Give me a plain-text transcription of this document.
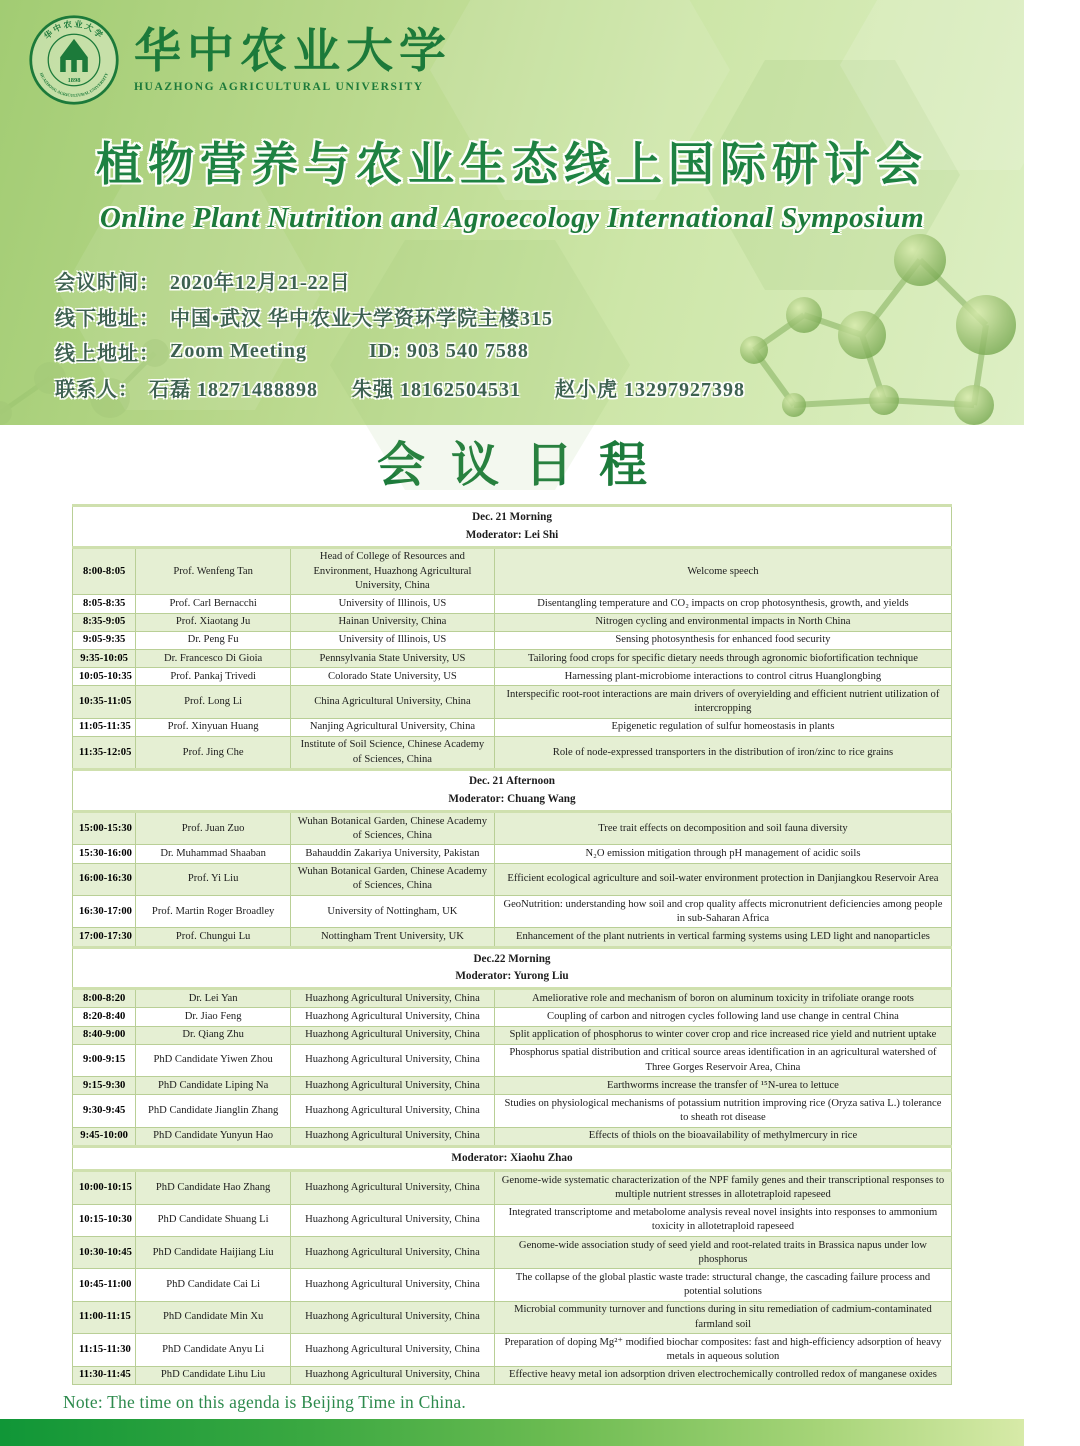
1898
华中农业大学
HUAZHONG AGRICULTURAL UNIVERSITY 华中农业大学
HUAZHONG AGRICULTURAL UNIVERSITY
植物营养与农业生态线上国际研讨会
Online Plant Nutrition and Agroecology International Symposium
会议时间： 2020年12月21-22日
线下地址： 中国•武汉 华中农业大学资环学院主楼315
线上地址： Zoom Meeting	ID: 903 540 7588
联系人： 石磊 18271488898 朱强 18162504531 赵小虎 13297927398
会议日程
Dec. 21 Morning
Moderator: Lei Shi			

8:00-8:05	Prof. Wenfeng Tan	Head of College of Resources and Environment, Huazhong Agricultural University, China	Welcome speech
8:05-8:35	Prof. Carl Bernacchi	University of Illinois, US	Disentangling temperature and CO₂ impacts on crop photosynthesis, growth, and yields
8:35-9:05	Prof. Xiaotang Ju	Hainan University, China	Nitrogen cycling and environmental impacts in North China
9:05-9:35	Dr. Peng Fu	University of Illinois, US	Sensing photosynthesis for enhanced food security
9:35-10:05	Dr. Francesco Di Gioia	Pennsylvania State University, US	Tailoring food crops for specific dietary needs through agronomic biofortification technique
10:05-10:35	Prof. Pankaj Trivedi	Colorado State University, US	Harnessing plant-microbiome interactions to control citrus Huanglongbing
10:35-11:05	Prof. Long Li	China Agricultural University, China	Interspecific root-root interactions are main drivers of overyielding and efficient nutrient utilization of intercropping
11:05-11:35	Prof. Xinyuan Huang	Nanjing Agricultural University, China	Epigenetic regulation of sulfur homeostasis in plants
11:35-12:05	Prof. Jing Che	Institute of Soil Science, Chinese Academy of Sciences, China	Role of node-expressed transporters in the distribution of iron/zinc to rice grains

Dec. 21 Afternoon
Moderator: Chuang Wang			

15:00-15:30	Prof. Juan Zuo	Wuhan Botanical Garden, Chinese Academy of Sciences, China	Tree trait effects on decomposition and soil fauna diversity
15:30-16:00	Dr. Muhammad Shaaban	Bahauddin Zakariya University, Pakistan	N₂O emission mitigation through pH management of acidic soils
16:00-16:30	Prof. Yi Liu	Wuhan Botanical Garden, Chinese Academy of Sciences, China	Efficient ecological agriculture and soil-water environment protection in Danjiangkou Reservoir Area
16:30-17:00	Prof. Martin Roger Broadley	University of Nottingham, UK	GeoNutrition: understanding how soil and crop quality affects micronutrient deficiencies among people in sub-Saharan Africa
17:00-17:30	Prof. Chungui Lu	Nottingham Trent University, UK	Enhancement of the plant nutrients in vertical farming systems using LED light and nanoparticles

Dec.22 Morning
Moderator: Yurong Liu			

8:00-8:20	Dr. Lei Yan	Huazhong Agricultural University, China	Ameliorative role and mechanism of boron on aluminum toxicity in trifoliate orange roots
8:20-8:40	Dr. Jiao Feng	Huazhong Agricultural University, China	Coupling of carbon and nitrogen cycles following land use change in central China
8:40-9:00	Dr. Qiang Zhu	Huazhong Agricultural University, China	Split application of phosphorus to winter cover crop and rice increased rice yield and nutrient uptake
9:00-9:15	PhD Candidate Yiwen Zhou	Huazhong Agricultural University, China	Phosphorus spatial distribution and critical source areas identification in an agricultural watershed of Three Gorges Reservoir Area, China
9:15-9:30	PhD Candidate Liping Na	Huazhong Agricultural University, China	Earthworms increase the transfer of ¹⁵N-urea to lettuce
9:30-9:45	PhD Candidate Jianglin Zhang	Huazhong Agricultural University, China	Studies on physiological mechanisms of potassium nutrition improving rice (Oryza sativa L.) tolerance to sheath rot disease
9:45-10:00	PhD Candidate Yunyun Hao	Huazhong Agricultural University, China	Effects of thiols on the bioavailability of methylmercury in rice

Moderator: Xiaohu Zhao			

10:00-10:15	PhD Candidate Hao Zhang	Huazhong Agricultural University, China	Genome-wide systematic characterization of the NPF family genes and their transcriptional responses to multiple nutrient stresses in allotetraploid rapeseed
10:15-10:30	PhD Candidate Shuang Li	Huazhong Agricultural University, China	Integrated transcriptome and metabolome analysis reveal novel insights into responses to ammonium toxicity in allotetraploid rapeseed
10:30-10:45	PhD Candidate Haijiang Liu	Huazhong Agricultural University, China	Genome-wide association study of seed yield and root-related traits in Brassica napus under low phosphorus
10:45-11:00	PhD Candidate Cai Li	Huazhong Agricultural University, China	The collapse of the global plastic waste trade: structural change, the cascading failure process and potential solutions
11:00-11:15	PhD Candidate Min Xu	Huazhong Agricultural University, China	Microbial community turnover and functions during in situ remediation of cadmium-contaminated farmland soil
11:15-11:30	PhD Candidate Anyu Li	Huazhong Agricultural University, China	Preparation of doping Mg²⁺ modified biochar composites: fast and high-efficiency adsorption of heavy metals in aqueous solution
11:30-11:45	PhD Candidate Lihu Liu	Huazhong Agricultural University, China	Effective heavy metal ion adsorption driven electrochemically controlled redox of manganese oxides

Note: The time on this agenda is Beijing Time in China.
